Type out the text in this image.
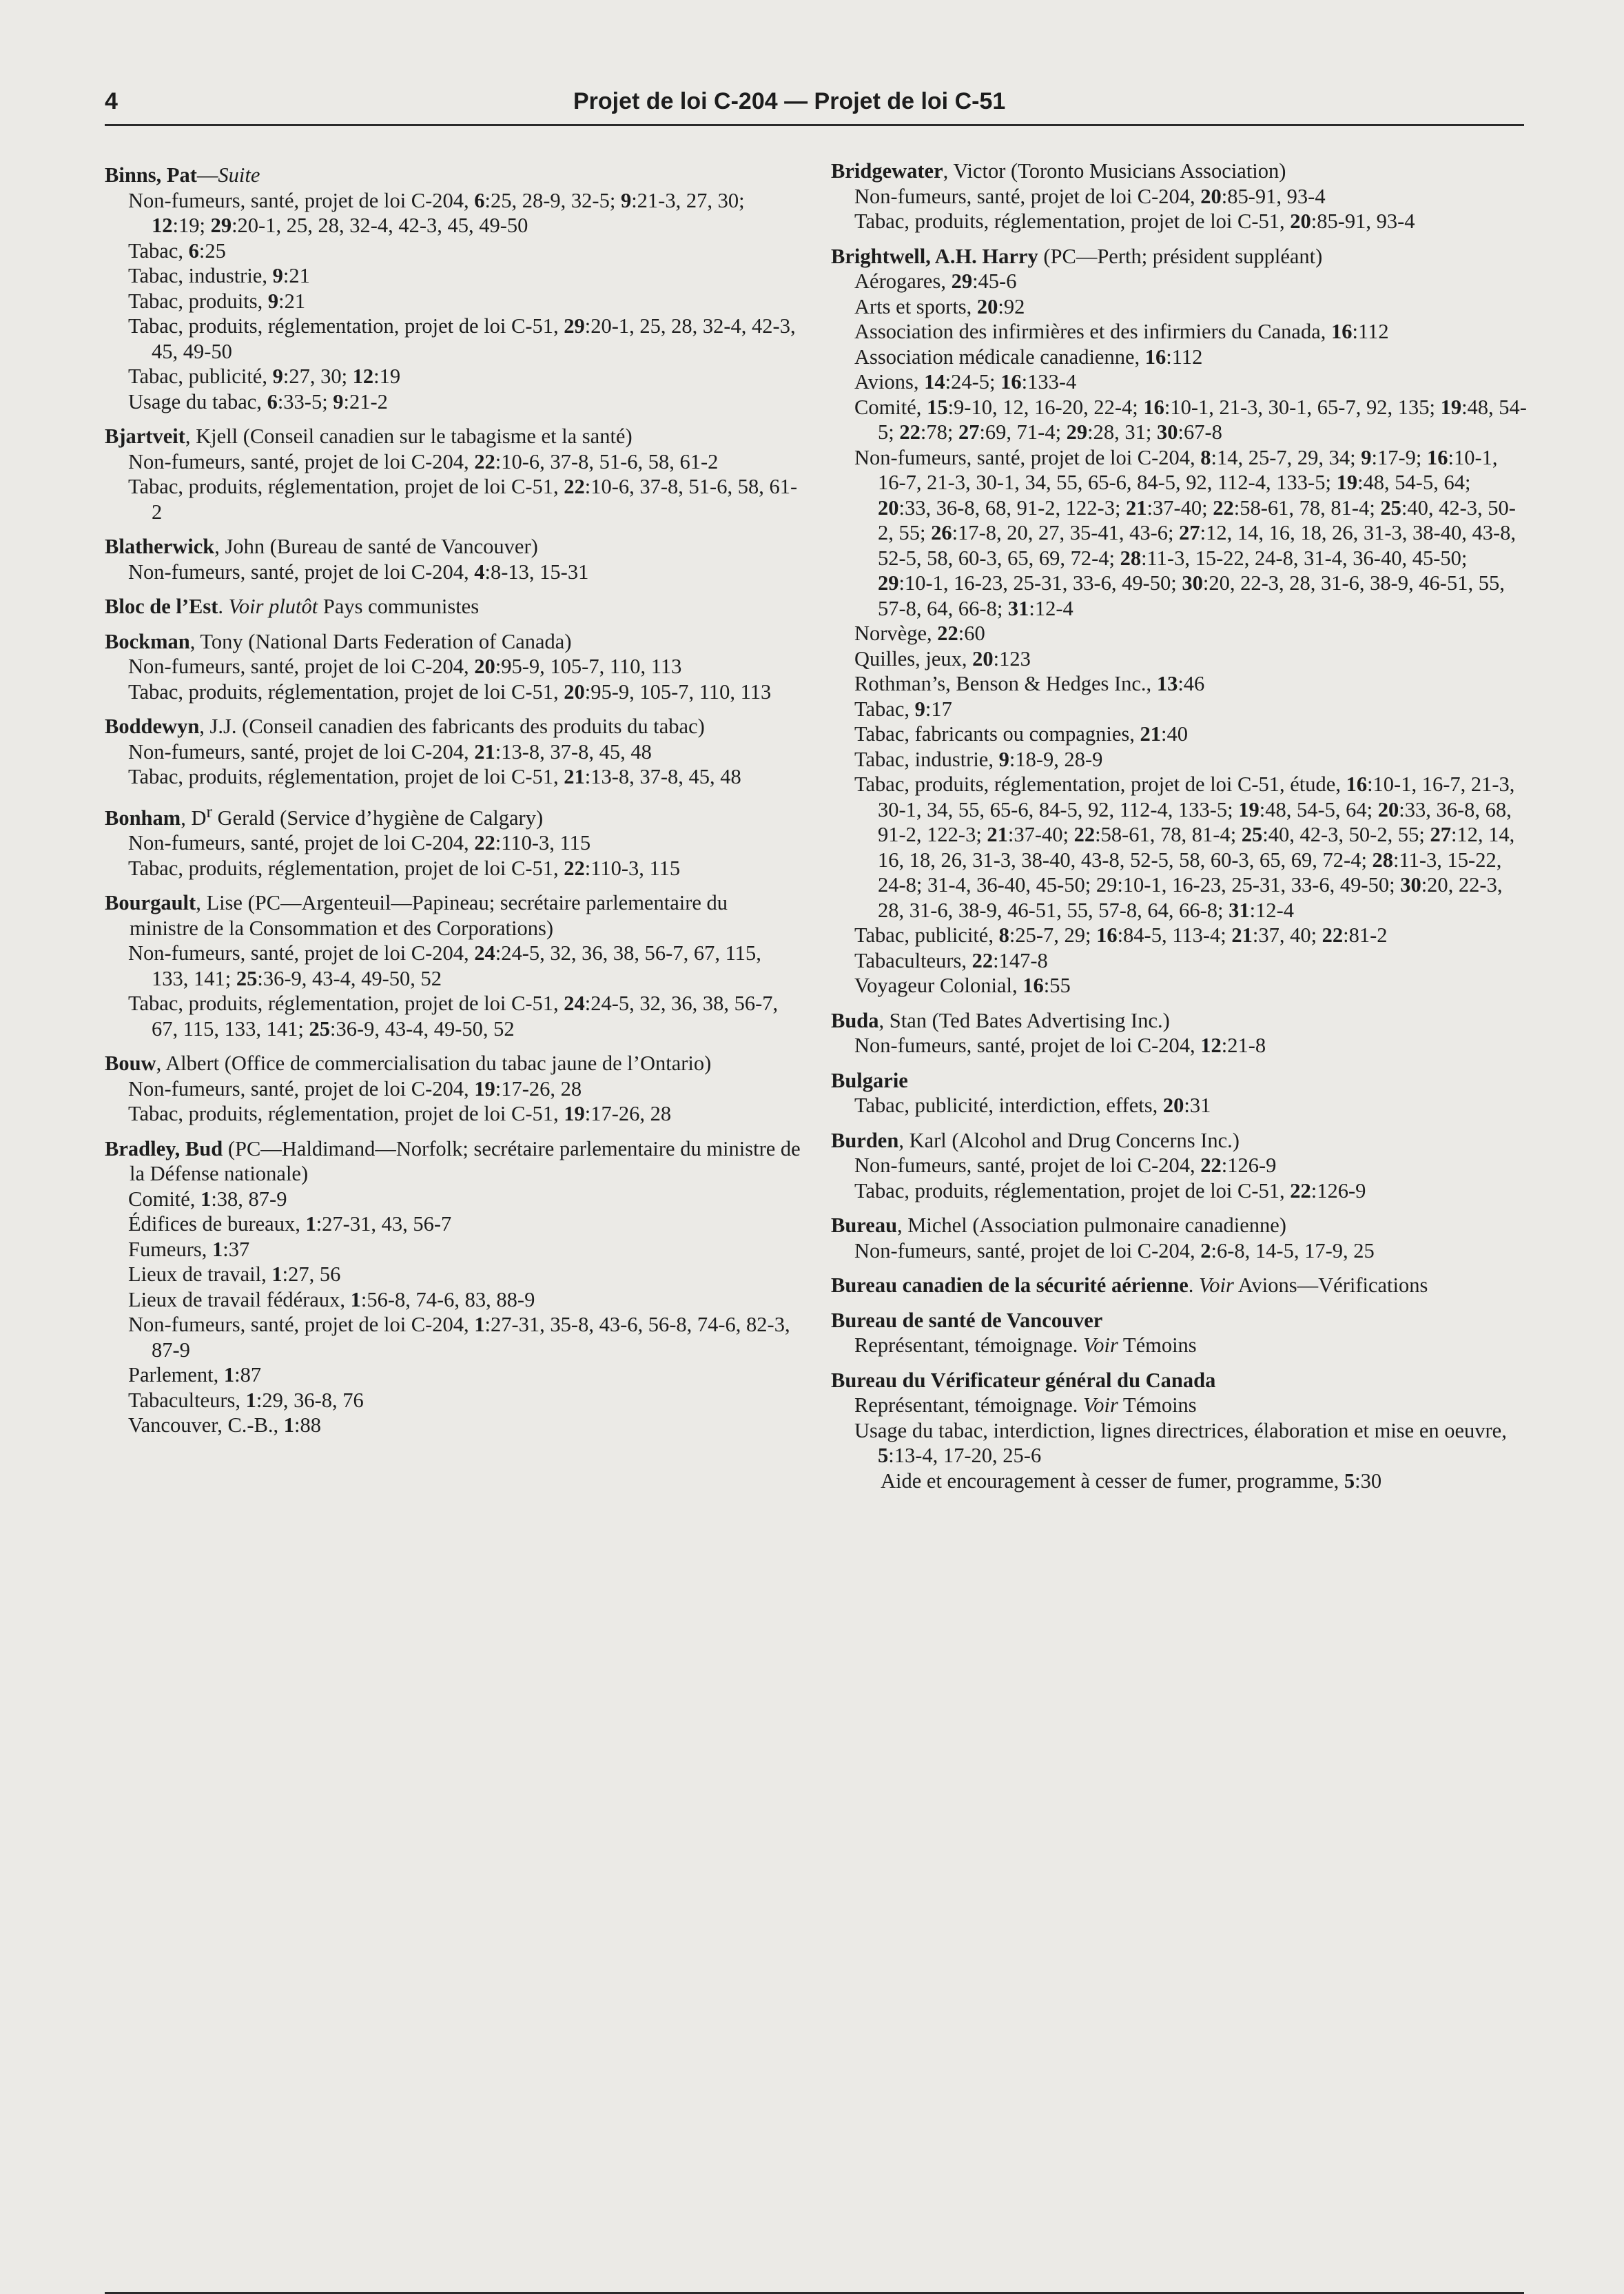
4	Projet de loi C-204 — Projet de loi C-51
Binns, Pat—Suite
Non-fumeurs, santé, projet de loi C-204, 6:25, 28-9, 32-5; 9:21-3, 27, 30; 12:19; 29:20-1, 25, 28, 32-4, 42-3, 45, 49-50
Tabac, 6:25
Tabac, industrie, 9:21
Tabac, produits, 9:21
Tabac, produits, réglementation, projet de loi C-51, 29:20-1, 25, 28, 32-4, 42-3, 45, 49-50
Tabac, publicité, 9:27, 30; 12:19
Usage du tabac, 6:33-5; 9:21-2
Bjartveit, Kjell (Conseil canadien sur le tabagisme et la santé)
Non-fumeurs, santé, projet de loi C-204, 22:10-6, 37-8, 51-6, 58, 61-2
Tabac, produits, réglementation, projet de loi C-51, 22:10-6, 37-8, 51-6, 58, 61-2
Blatherwick, John (Bureau de santé de Vancouver)
Non-fumeurs, santé, projet de loi C-204, 4:8-13, 15-31
Bloc de l’Est. Voir plutôt Pays communistes
Bockman, Tony (National Darts Federation of Canada)
Non-fumeurs, santé, projet de loi C-204, 20:95-9, 105-7, 110, 113
Tabac, produits, réglementation, projet de loi C-51, 20:95-9, 105-7, 110, 113
Boddewyn, J.J. (Conseil canadien des fabricants des produits du tabac)
Non-fumeurs, santé, projet de loi C-204, 21:13-8, 37-8, 45, 48
Tabac, produits, réglementation, projet de loi C-51, 21:13-8, 37-8, 45, 48
Bonham, $D^r$ Gerald (Service d’hygiène de Calgary)
Non-fumeurs, santé, projet de loi C-204, 22:110-3, 115
Tabac, produits, réglementation, projet de loi C-51, 22:110-3, 115
Bourgault, Lise (PC—Argenteuil—Papineau; secrétaire parlementaire du ministre de la Consommation et des Corporations)
Non-fumeurs, santé, projet de loi C-204, 24:24-5, 32, 36, 38, 56-7, 67, 115, 133, 141; 25:36-9, 43-4, 49-50, 52
Tabac, produits, réglementation, projet de loi C-51, 24:24-5, 32, 36, 38, 56-7, 67, 115, 133, 141; 25:36-9, 43-4, 49-50, 52
Bouw, Albert (Office de commercialisation du tabac jaune de l’Ontario)
Non-fumeurs, santé, projet de loi C-204, 19:17-26, 28
Tabac, produits, réglementation, projet de loi C-51, 19:17-26, 28
Bradley, Bud (PC—Haldimand—Norfolk; secrétaire parlementaire du ministre de la Défense nationale)
Comité, 1:38, 87-9
Édifices de bureaux, 1:27-31, 43, 56-7
Fumeurs, 1:37
Lieux de travail, 1:27, 56
Lieux de travail fédéraux, 1:56-8, 74-6, 83, 88-9
Non-fumeurs, santé, projet de loi C-204, 1:27-31, 35-8, 43-6, 56-8, 74-6, 82-3, 87-9
Parlement, 1:87
Tabaculteurs, 1:29, 36-8, 76
Vancouver, C.-B., 1:88
Bridgewater, Victor (Toronto Musicians Association)
Non-fumeurs, santé, projet de loi C-204, 20:85-91, 93-4
Tabac, produits, réglementation, projet de loi C-51, 20:85-91, 93-4
Brightwell, A.H. Harry (PC—Perth; président suppléant)
Aérogares, 29:45-6
Arts et sports, 20:92
Association des infirmières et des infirmiers du Canada, 16:112
Association médicale canadienne, 16:112
Avions, 14:24-5; 16:133-4
Comité, 15:9-10, 12, 16-20, 22-4; 16:10-1, 21-3, 30-1, 65-7, 92, 135; 19:48, 54-5; 22:78; 27:69, 71-4; 29:28, 31; 30:67-8
Non-fumeurs, santé, projet de loi C-204, 8:14, 25-7, 29, 34; 9:17-9; 16:10-1, 16-7, 21-3, 30-1, 34, 55, 65-6, 84-5, 92, 112-4, 133-5; 19:48, 54-5, 64; 20:33, 36-8, 68, 91-2, 122-3; 21:37-40; 22:58-61, 78, 81-4; 25:40, 42-3, 50-2, 55; 26:17-8, 20, 27, 35-41, 43-6; 27:12, 14, 16, 18, 26, 31-3, 38-40, 43-8, 52-5, 58, 60-3, 65, 69, 72-4; 28:11-3, 15-22, 24-8, 31-4, 36-40, 45-50; 29:10-1, 16-23, 25-31, 33-6, 49-50; 30:20, 22-3, 28, 31-6, 38-9, 46-51, 55, 57-8, 64, 66-8; 31:12-4
Norvège, 22:60
Quilles, jeux, 20:123
Rothman’s, Benson & Hedges Inc., 13:46
Tabac, 9:17
Tabac, fabricants ou compagnies, 21:40
Tabac, industrie, 9:18-9, 28-9
Tabac, produits, réglementation, projet de loi C-51, étude, 16:10-1, 16-7, 21-3, 30-1, 34, 55, 65-6, 84-5, 92, 112-4, 133-5; 19:48, 54-5, 64; 20:33, 36-8, 68, 91-2, 122-3; 21:37-40; 22:58-61, 78, 81-4; 25:40, 42-3, 50-2, 55; 27:12, 14, 16, 18, 26, 31-3, 38-40, 43-8, 52-5, 58, 60-3, 65, 69, 72-4; 28:11-3, 15-22, 24-8; 31-4, 36-40, 45-50; 29:10-1, 16-23, 25-31, 33-6, 49-50; 30:20, 22-3, 28, 31-6, 38-9, 46-51, 55, 57-8, 64, 66-8; 31:12-4
Tabac, publicité, 8:25-7, 29; 16:84-5, 113-4; 21:37, 40; 22:81-2
Tabaculteurs, 22:147-8
Voyageur Colonial, 16:55
Buda, Stan (Ted Bates Advertising Inc.)
Non-fumeurs, santé, projet de loi C-204, 12:21-8
Bulgarie
Tabac, publicité, interdiction, effets, 20:31
Burden, Karl (Alcohol and Drug Concerns Inc.)
Non-fumeurs, santé, projet de loi C-204, 22:126-9
Tabac, produits, réglementation, projet de loi C-51, 22:126-9
Bureau, Michel (Association pulmonaire canadienne)
Non-fumeurs, santé, projet de loi C-204, 2:6-8, 14-5, 17-9, 25
Bureau canadien de la sécurité aérienne. Voir Avions—Vérifications
Bureau de santé de Vancouver
Représentant, témoignage. Voir Témoins
Bureau du Vérificateur général du Canada
Représentant, témoignage. Voir Témoins
Usage du tabac, interdiction, lignes directrices, élaboration et mise en oeuvre, 5:13-4, 17-20, 25-6
Aide et encouragement à cesser de fumer, programme, 5:30
